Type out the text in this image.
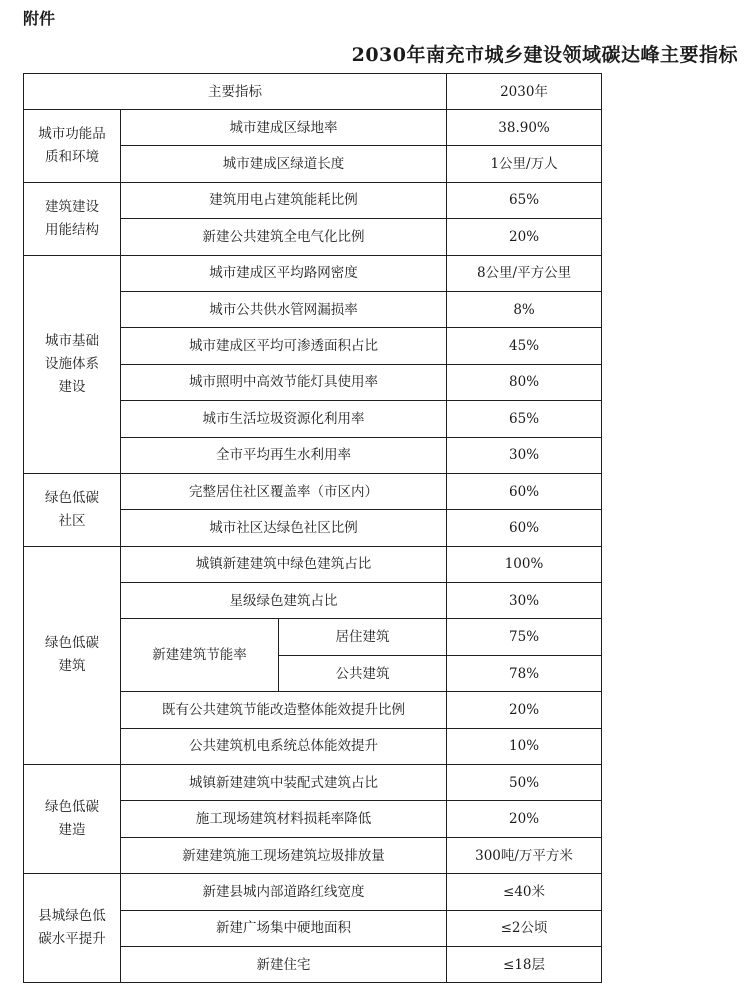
附件
2030年南充市城乡建设领域碳达峰主要指标
主要指标			2030年
城市功能品
质和环境	城市建成区绿地率		38.90%
	城市建成区绿道长度		1公里/万人
建筑建设
用能结构	建筑用电占建筑能耗比例		65%
	新建公共建筑全电气化比例		20%
城市基础
设施体系
建设	城市建成区平均路网密度		8公里/平方公里
	城市公共供水管网漏损率		8%
	城市建成区平均可渗透面积占比		45%
	城市照明中高效节能灯具使用率		80%
	城市生活垃圾资源化利用率		65%
	全市平均再生水利用率		30%
绿色低碳
社区	完整居住社区覆盖率（市区内）		60%
	城市社区达绿色社区比例		60%
绿色低碳
建筑	城镇新建建筑中绿色建筑占比		100%
	星级绿色建筑占比		30%
	新建建筑节能率	居住建筑	75%
		公共建筑	78%
	既有公共建筑节能改造整体能效提升比例		20%
	公共建筑机电系统总体能效提升		10%
绿色低碳
建造	城镇新建建筑中装配式建筑占比		50%
	施工现场建筑材料损耗率降低		20%
	新建建筑施工现场建筑垃圾排放量		300吨/万平方米
县城绿色低
碳水平提升	新建县城内部道路红线宽度		≤40米
	新建广场集中硬地面积		≤2公顷
	新建住宅		≤18层
